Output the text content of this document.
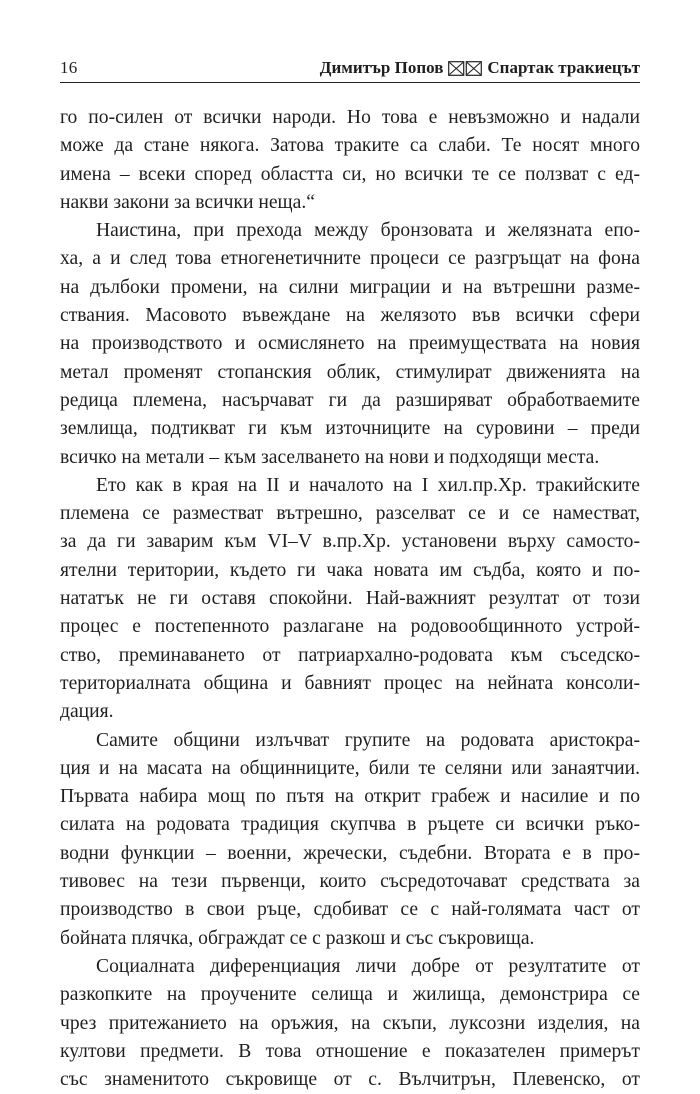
16	Димитър Попов	Спартак тракиецът
го по-силен от всички народи. Но това е невъзможно и надали
може да стане някога. Затова траките са слаби. Те носят много
имена – всеки според областта си, но всички те се ползват с ед-
накви закони за всички неща.“
Наистина, при прехода между бронзовата и желязната епо-
ха, а и след това етногенетичните процеси се разгръщат на фона
на дълбоки промени, на силни миграции и на вътрешни разме-
ствания. Масовото въвеждане на желязото във всички сфери
на производството и осмислянето на преимуществата на новия
метал променят стопанския облик, стимулират движенията на
редица племена, насърчават ги да разширяват обработваемите
землища, подтикват ги към източниците на суровини – преди
всичко на метали – към заселването на нови и подходящи места.
Ето как в края на II и началото на I хил.пр.Хр. тракийските
племена се разместват вътрешно, разселват се и се наместват,
за да ги заварим към VI–V в.пр.Хр. установени върху самосто-
ятелни територии, където ги чака новата им съдба, която и по-
нататък не ги оставя спокойни. Най-важният резултат от този
процес е постепенното разлагане на родовообщинното устрой-
ство, преминаването от патриархално-родовата към съседско-
териториалната община и бавният процес на нейната консоли-
дация.
Самите общини излъчват групите на родовата аристокра-
ция и на масата на общинниците, били те селяни или занаятчии.
Първата набира мощ по пътя на открит грабеж и насилие и по
силата на родовата традиция скупчва в ръцете си всички ръко-
водни функции – военни, жречески, съдебни. Втората е в про-
тивовес на тези първенци, които съсредоточават средствата за
производство в свои ръце, сдобиват се с най-голямата част от
бойната плячка, обграждат се с разкош и със съкровища.
Социалната диференциация личи добре от резултатите от
разкопките на проучените селища и жилища, демонстрира се
чрез притежанието на оръжия, на скъпи, луксозни изделия, на
култови предмети. В това отношение е показателен примерът
със знаменитото съкровище от с. Вълчитрън, Плевенско, от
